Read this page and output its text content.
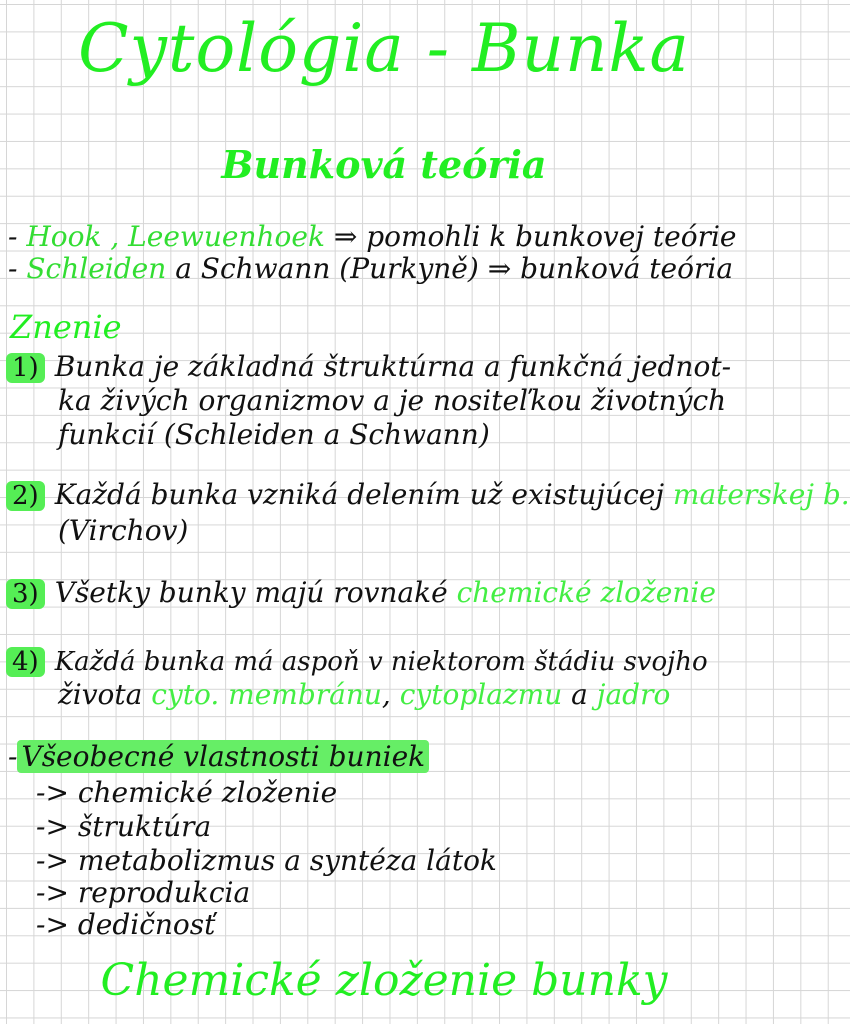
Cytológia - Bunka
Bunková teória
- Hook , Leewuenhoek ⇒ pomohli k bunkovej teórie
- Schleiden a Schwann (Purkyně) ⇒ bunková teória
Znenie
1) Bunka je základná štruktúrna a funkčná jednot-
ka živých organizmov a je nositeľkou životných
funkcií (Schleiden a Schwann)
2) Každá bunka vzniká delením už existujúcej materskej b.
(Virchov)
3) Všetky bunky majú rovnaké chemické zloženie
4) Každá bunka má aspoň v niektorom štádiu svojho
života cyto. membránu, cytoplazmu a jadro
- Všeobecné vlastnosti buniek
-> chemické zloženie
-> štruktúra
-> metabolizmus a syntéza látok
-> reprodukcia
-> dedičnosť
Chemické zloženie bunky
